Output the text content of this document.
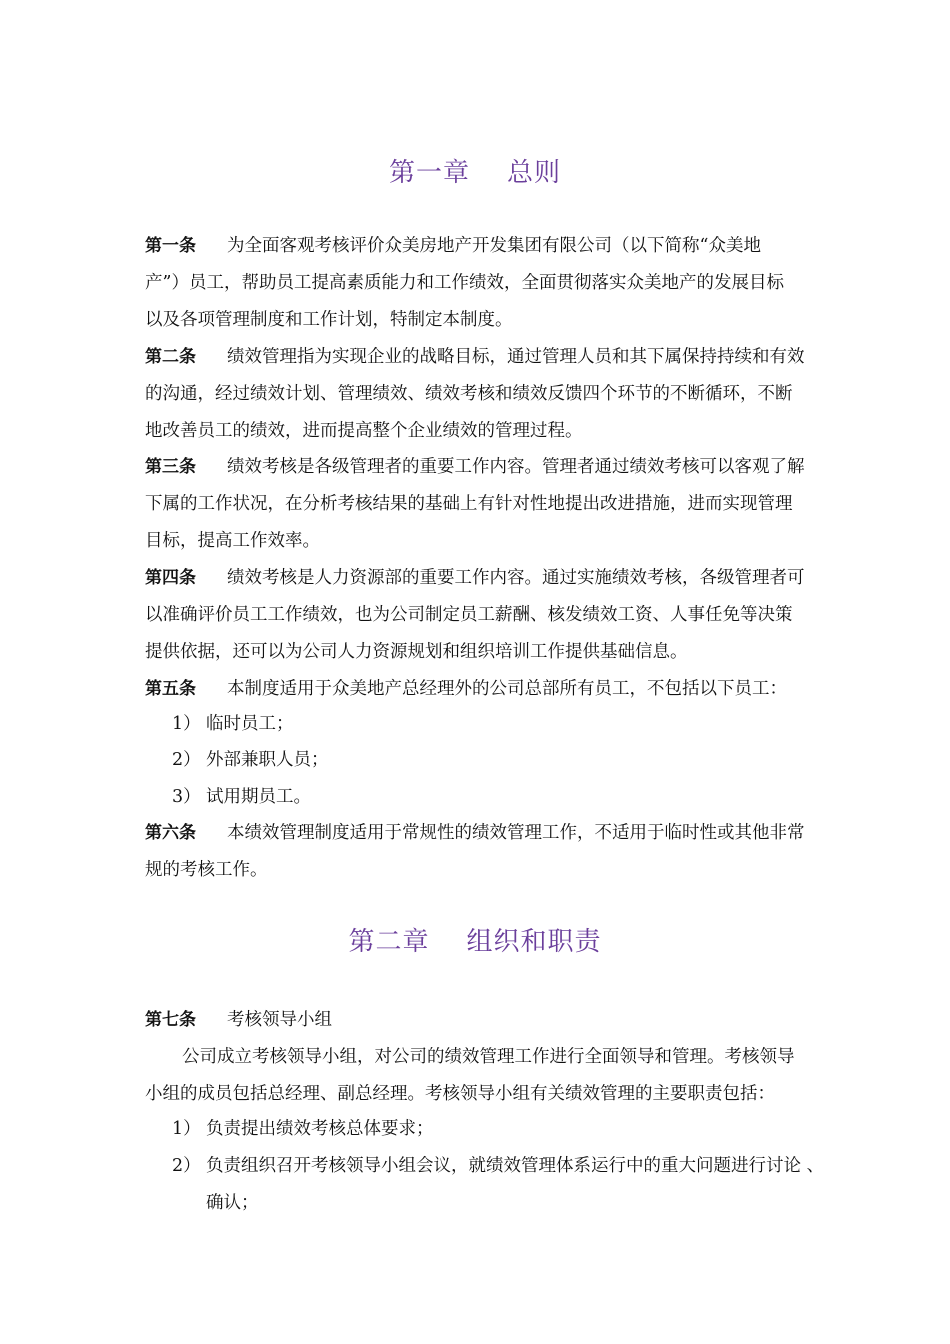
第一章    总则
第一条 为全面客观考核评价众美房地产开发集团有限公司（以下简称“众美地
产”）员工，帮助员工提高素质能力和工作绩效，全面贯彻落实众美地产的发展目标
以及各项管理制度和工作计划，特制定本制度。
第二条 绩效管理指为实现企业的战略目标，通过管理人员和其下属保持持续和有效
的沟通，经过绩效计划、管理绩效、绩效考核和绩效反馈四个环节的不断循环，不断
地改善员工的绩效，进而提高整个企业绩效的管理过程。
第三条 绩效考核是各级管理者的重要工作内容。管理者通过绩效考核可以客观了解
下属的工作状况，在分析考核结果的基础上有针对性地提出改进措施，进而实现管理
目标，提高工作效率。
第四条 绩效考核是人力资源部的重要工作内容。通过实施绩效考核，各级管理者可
以准确评价员工工作绩效，也为公司制定员工薪酬、核发绩效工资、人事任免等决策
提供依据，还可以为公司人力资源规划和组织培训工作提供基础信息。
第五条 本制度适用于众美地产总经理外的公司总部所有员工，不包括以下员工：
1） 临时员工；
2） 外部兼职人员；
3） 试用期员工。
第六条 本绩效管理制度适用于常规性的绩效管理工作，不适用于临时性或其他非常
规的考核工作。
第二章    组织和职责
第七条 考核领导小组
公司成立考核领导小组，对公司的绩效管理工作进行全面领导和管理。考核领导
小组的成员包括总经理、副总经理。考核领导小组有关绩效管理的主要职责包括：
1） 负责提出绩效考核总体要求；
2） 负责组织召开考核领导小组会议，就绩效管理体系运行中的重大问题进行讨论 、
确认；
